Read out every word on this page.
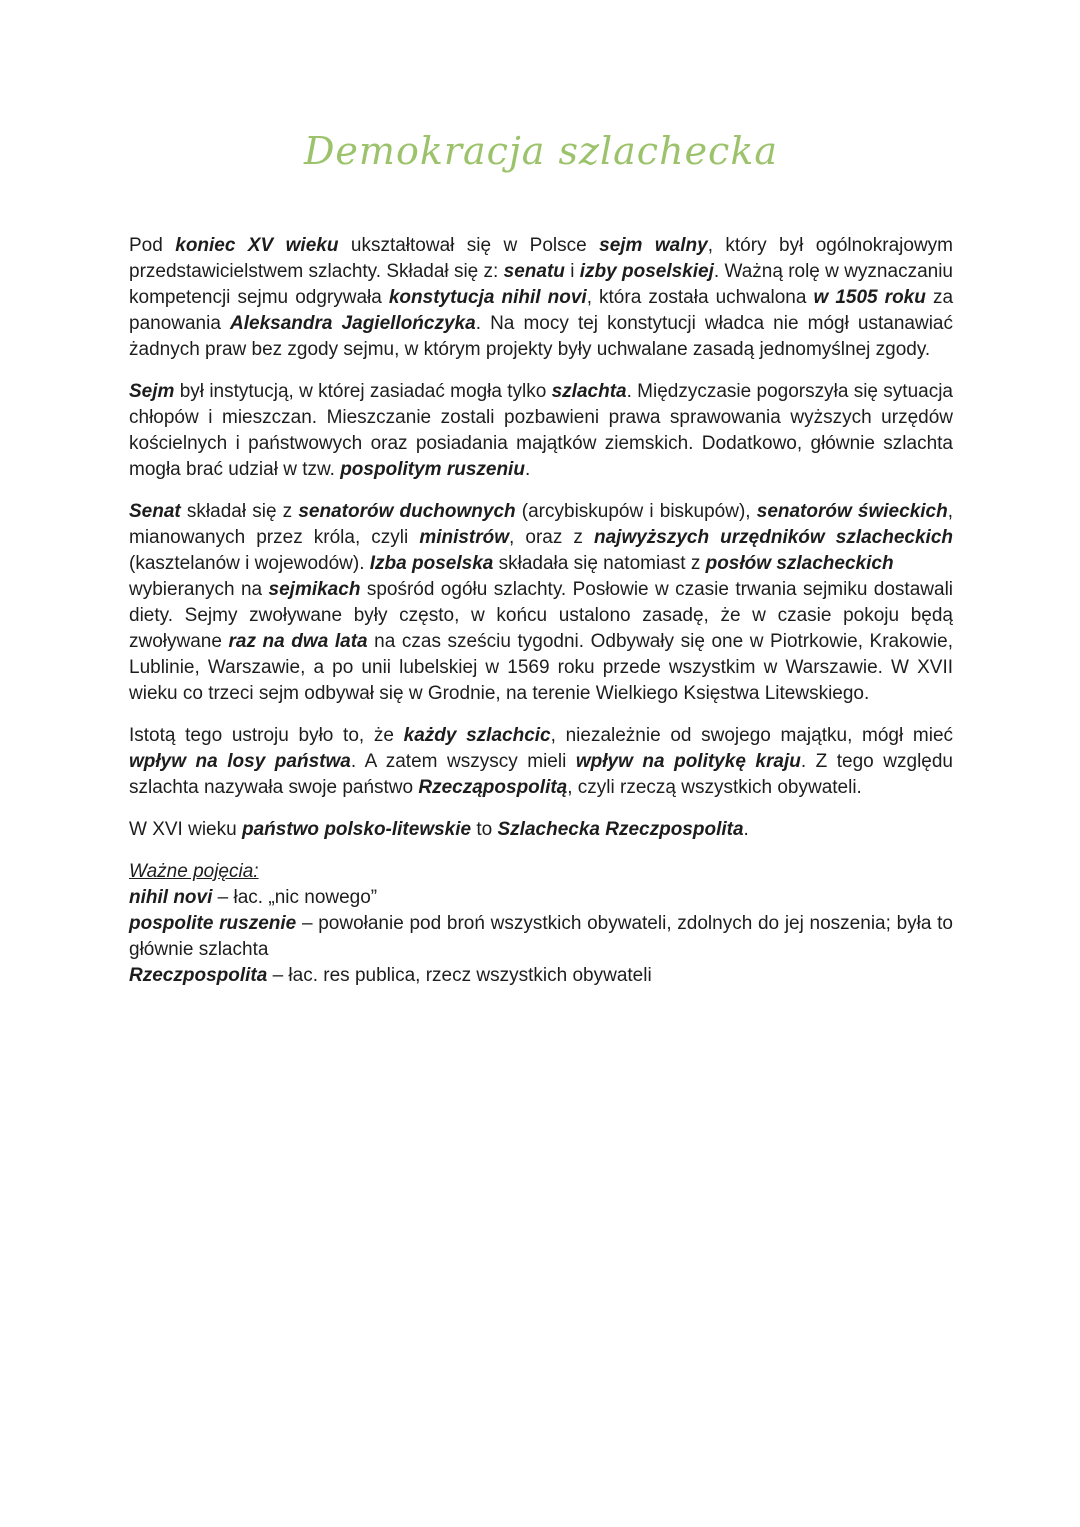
Demokracja szlachecka

Pod koniec XV wieku ukształtował się w Polsce sejm walny, który był ogólnokrajowym przedstawicielstwem szlachty. Składał się z: senatu i izby poselskiej. Ważną rolę w wyznaczaniu kompetencji sejmu odgrywała konstytucja nihil novi, która została uchwalona w 1505 roku za panowania Aleksandra Jagiellończyka. Na mocy tej konstytucji władca nie mógł ustanawiać żadnych praw bez zgody sejmu, w którym projekty były uchwalane zasadą jednomyślnej zgody.

Sejm był instytucją, w której zasiadać mogła tylko szlachta. Międzyczasie pogorszyła się sytuacja chłopów i mieszczan. Mieszczanie zostali pozbawieni prawa sprawowania wyższych urzędów kościelnych i państwowych oraz posiadania majątków ziemskich. Dodatkowo, głównie szlachta mogła brać udział w tzw. pospolitym ruszeniu.

Senat składał się z senatorów duchownych (arcybiskupów i biskupów), senatorów świeckich, mianowanych przez króla, czyli ministrów, oraz z najwyższych urzędników szlacheckich (kasztelanów i wojewodów). Izba poselska składała się natomiast z posłów szlacheckich
wybieranych na sejmikach spośród ogółu szlachty. Posłowie w czasie trwania sejmiku dostawali diety. Sejmy zwoływane były często, w końcu ustalono zasadę, że w czasie pokoju będą zwoływane raz na dwa lata na czas sześciu tygodni. Odbywały się one w Piotrkowie, Krakowie, Lublinie, Warszawie, a po unii lubelskiej w 1569 roku przede wszystkim w Warszawie. W XVII wieku co trzeci sejm odbywał się w Grodnie, na terenie Wielkiego Księstwa Litewskiego.

Istotą tego ustroju było to, że każdy szlachcic, niezależnie od swojego majątku, mógł mieć wpływ na losy państwa. A zatem wszyscy mieli wpływ na politykę kraju. Z tego względu szlachta nazywała swoje państwo Rzecząpospolitą, czyli rzeczą wszystkich obywateli.

W XVI wieku państwo polsko-litewskie to Szlachecka Rzeczpospolita.

Ważne pojęcia:
nihil novi – łac. „nic nowego”
pospolite ruszenie – powołanie pod broń wszystkich obywateli, zdolnych do jej noszenia; była to głównie szlachta
Rzeczpospolita – łac. res publica, rzecz wszystkich obywateli
